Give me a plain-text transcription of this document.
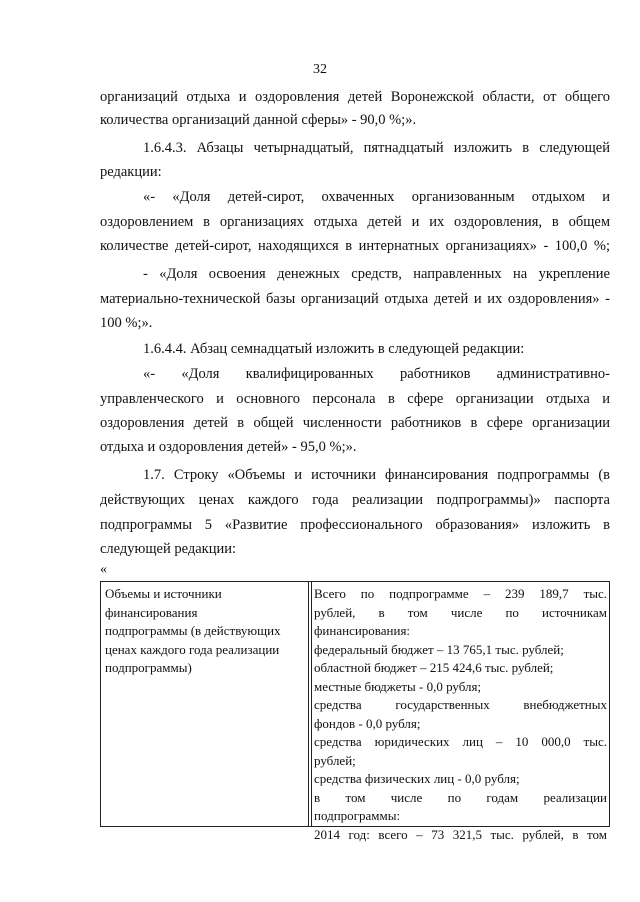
32
организаций отдыха и оздоровления детей Воронежской области, от общего
количества организаций данной сферы» - 90,0 %;».
1.6.4.3. Абзацы четырнадцатый, пятнадцатый изложить в следующей
редакции:
«- «Доля детей-сирот, охваченных организованным отдыхом и
оздоровлением в организациях отдыха детей и их оздоровления, в общем
количестве детей-сирот, находящихся в интернатных организациях» - 100,0 %;
- «Доля освоения денежных средств, направленных на укрепление
материально-технической базы организаций отдыха детей и их оздоровления» -
100 %;».
1.6.4.4. Абзац семнадцатый изложить в следующей редакции:
«- «Доля квалифицированных работников административно-
управленческого и основного персонала в сфере организации отдыха и
оздоровления детей в общей численности работников в сфере организации
отдыха и оздоровления детей» - 95,0 %;».
1.7. Строку «Объемы и источники финансирования подпрограммы (в
действующих ценах каждого года реализации подпрограммы)» паспорта
подпрограммы 5 «Развитие профессионального образования» изложить в
следующей редакции:
«
Объемы и источники
финансирования
подпрограммы (в действующих
ценах каждого года реализации
подпрограммы)
Всего по подпрограмме – 239 189,7 тыс.
рублей, в том числе по источникам
финансирования:
федеральный бюджет – 13 765,1 тыс. рублей;
областной бюджет – 215 424,6 тыс. рублей;
местные бюджеты - 0,0 рубля;
средства государственных внебюджетных
фондов - 0,0 рубля;
средства юридических лиц – 10 000,0 тыс.
рублей;
средства физических лиц - 0,0 рубля;
в том числе по годам реализации
подпрограммы:
2014 год: всего – 73 321,5 тыс. рублей, в том
